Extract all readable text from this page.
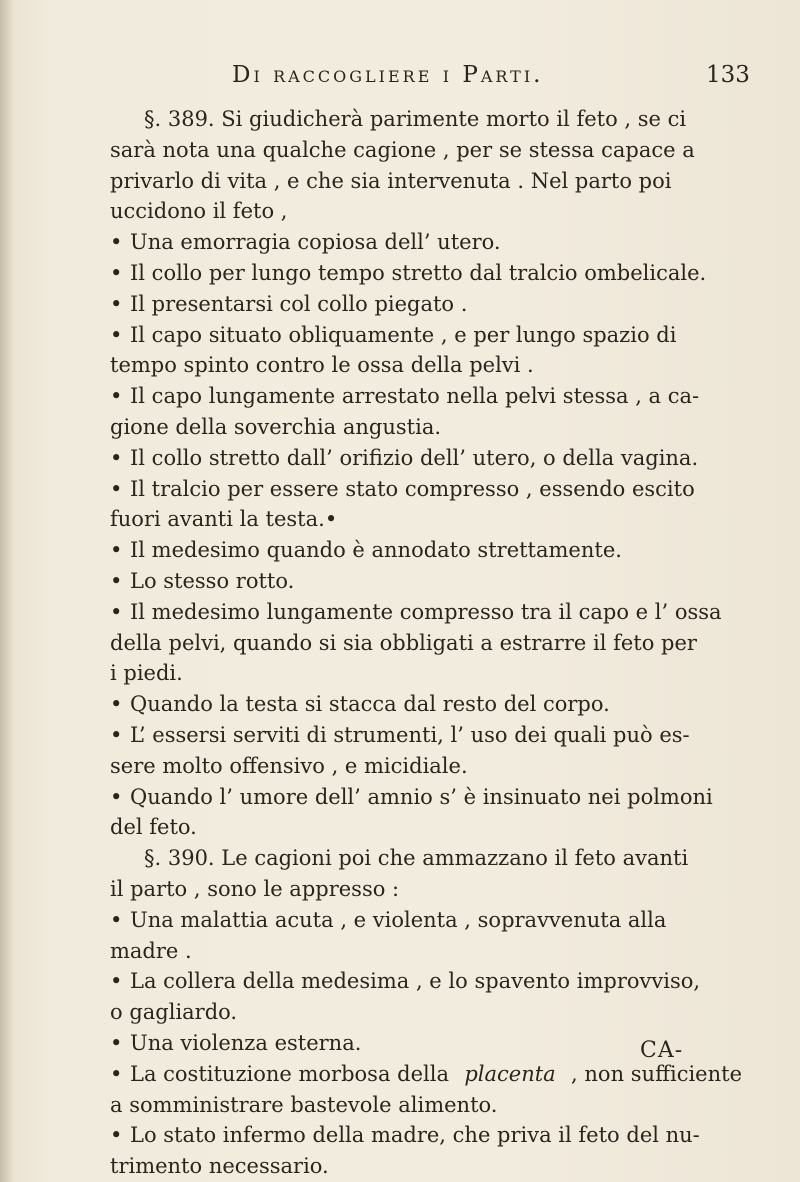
Di raccogliere i Parti.	133
§. 389. Si giudicherà parimente morto il feto , se ci
sarà nota una qualche cagione , per se stessa capace a
privarlo di vita , e che sia intervenuta . Nel parto poi
uccidono il feto ,
• Una emorragia copiosa dell’ utero.
• Il collo per lungo tempo stretto dal tralcio ombelicale.
• Il presentarsi col collo piegato .
• Il capo situato obliquamente , e per lungo spazio di
tempo spinto contro le ossa della pelvi .
• Il capo lungamente arrestato nella pelvi stessa , a ca-
gione della soverchia angustia.
• Il collo stretto dall’ orifizio dell’ utero, o della vagina.
• Il tralcio per essere stato compresso , essendo escito
fuori avanti la testa.•
• Il medesimo quando è annodato strettamente.
• Lo stesso rotto.
• Il medesimo lungamente compresso tra il capo e l’ ossa
della pelvi, quando si sia obbligati a estrarre il feto per
i piedi.
• Quando la testa si stacca dal resto del corpo.
• L’ essersi serviti di strumenti, l’ uso dei quali può es-
sere molto offensivo , e micidiale.
• Quando l’ umore dell’ amnio s’ è insinuato nei polmoni
del feto.
§. 390. Le cagioni poi che ammazzano il feto avanti
il parto , sono le appresso :
• Una malattia acuta , e violenta , sopravvenuta alla
madre .
• La collera della medesima , e lo spavento improvviso,
o gagliardo.
• Una violenza esterna.
• La costituzione morbosa della placenta , non sufficiente
a somministrare bastevole alimento.
• Lo stato infermo della madre, che priva il feto del nu-
trimento necessario.
CA-
